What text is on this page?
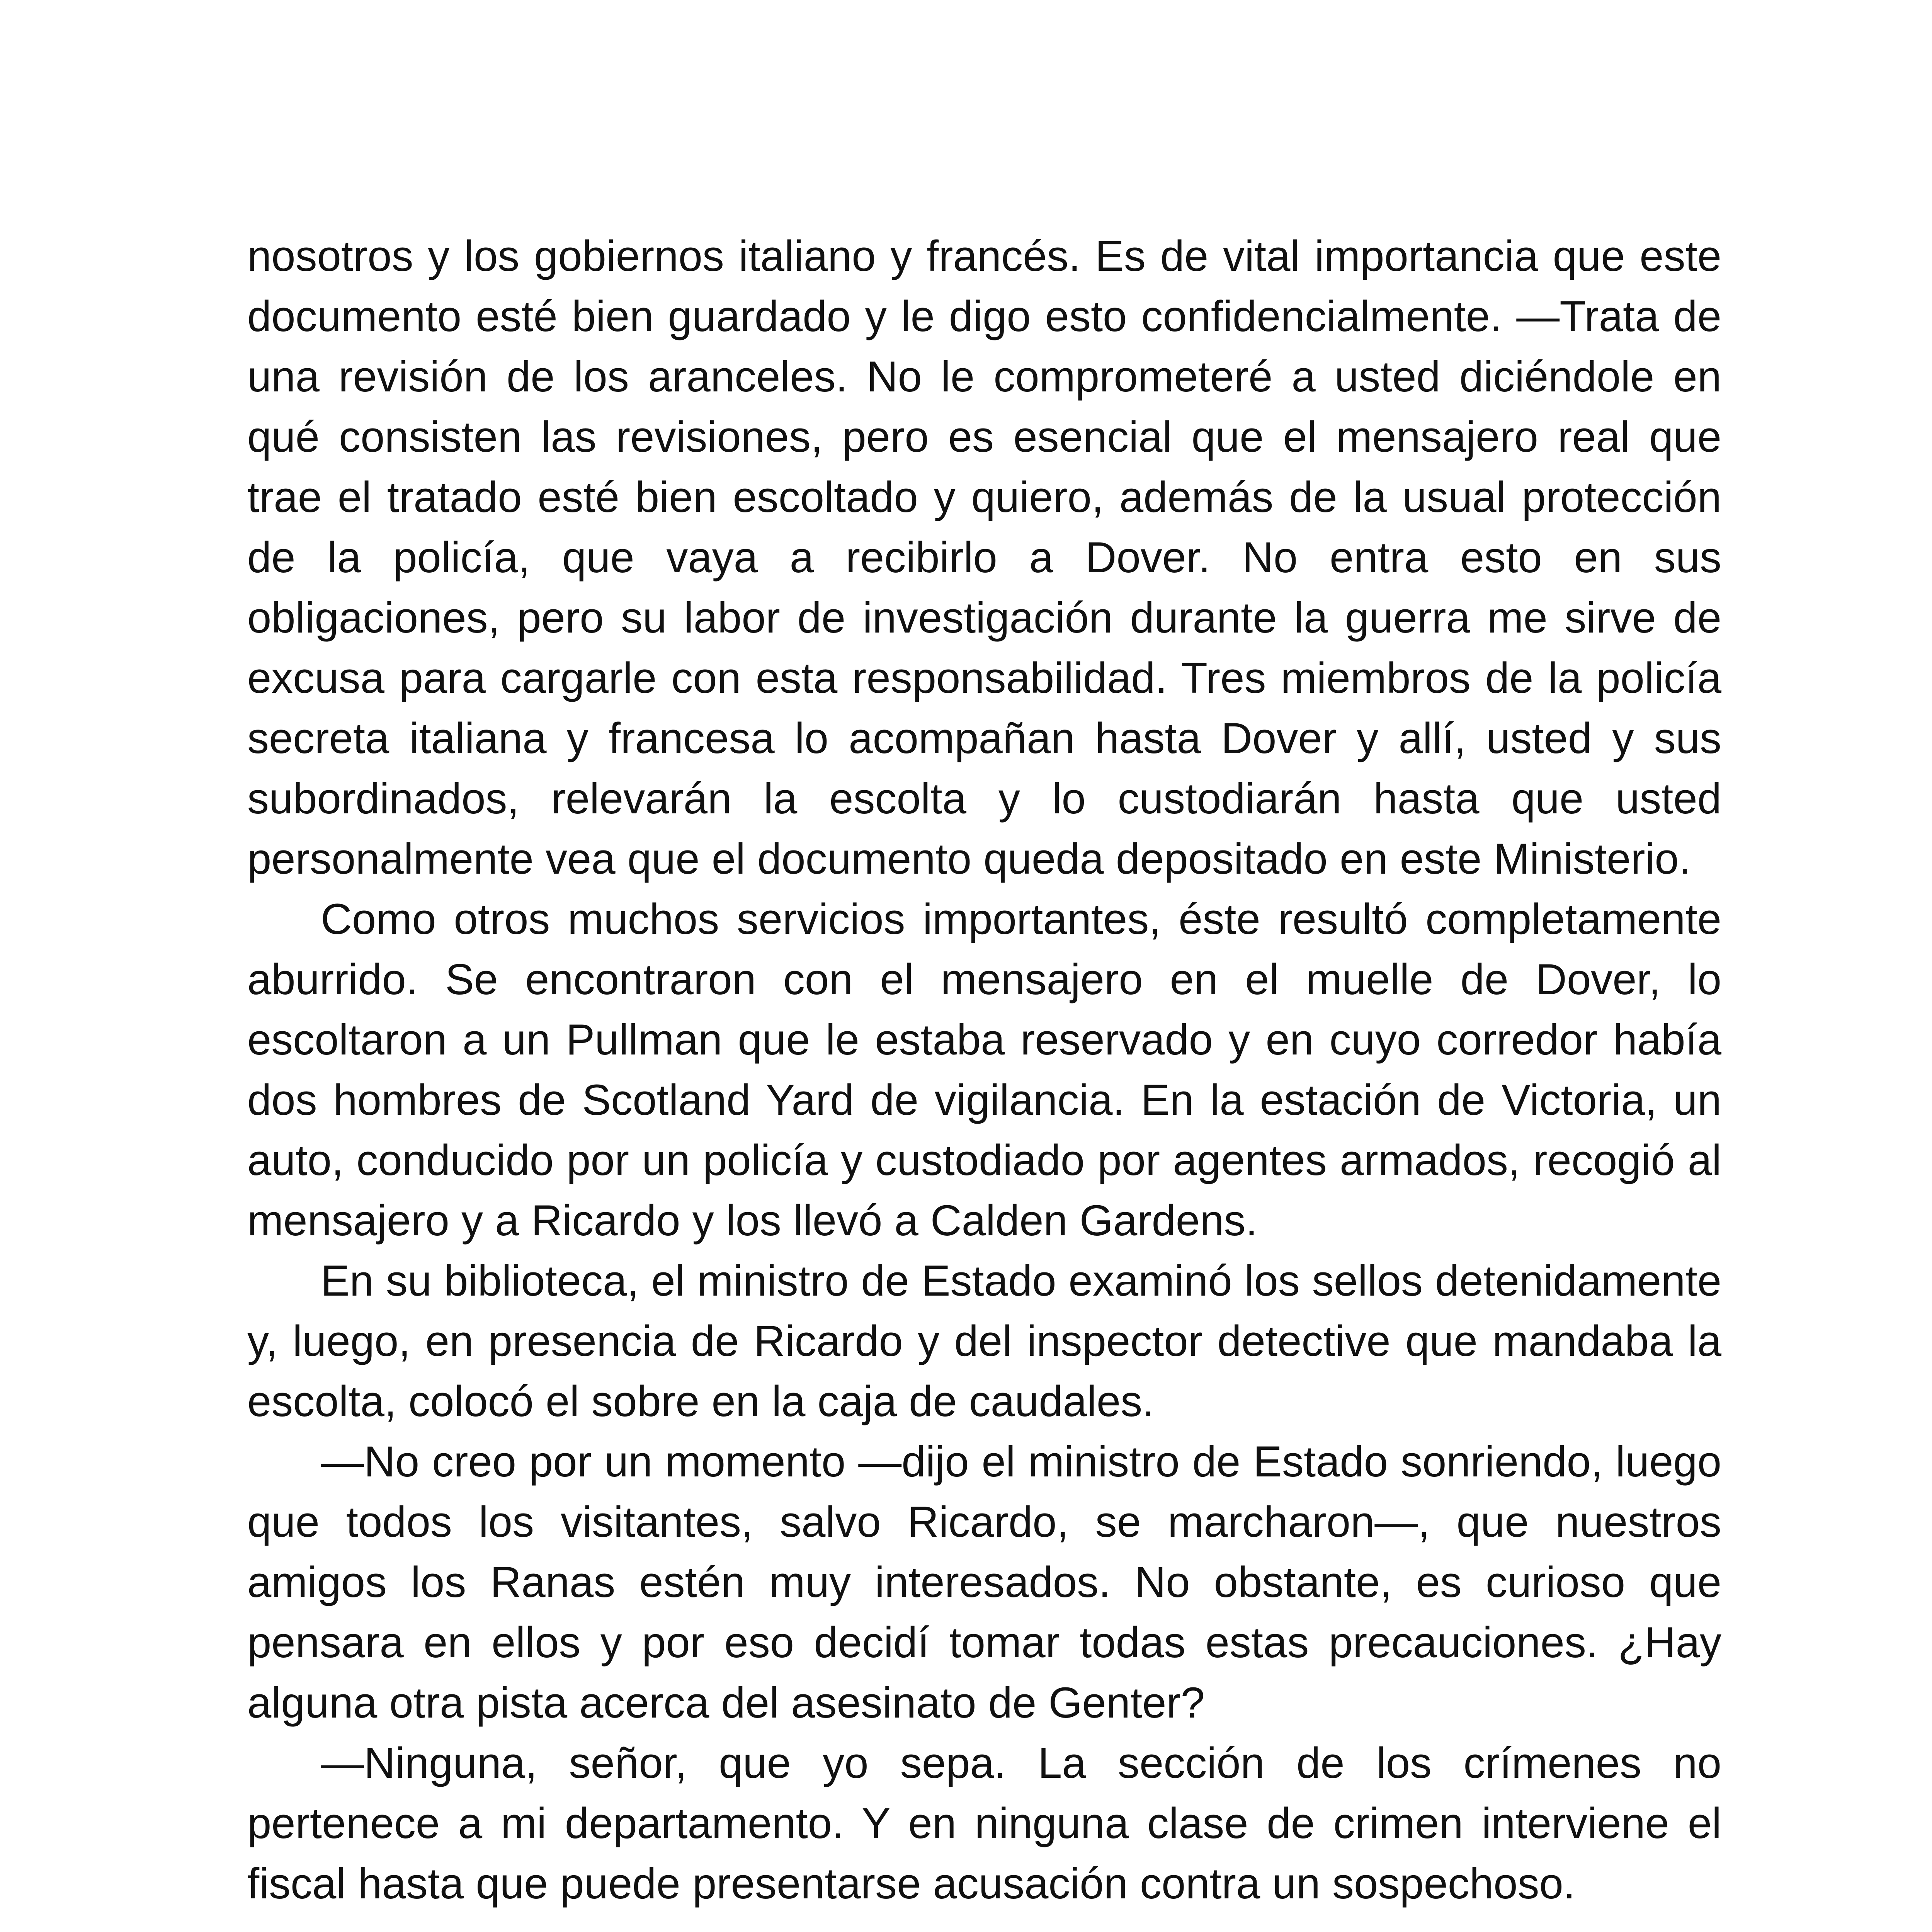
nosotros y los gobiernos italiano y francés. Es de vital importancia que este documento esté bien guardado y le digo esto confidencialmente. —Trata de una revisión de los aranceles. No le comprometeré a usted diciéndole en qué consisten las revisiones, pero es esencial que el mensajero real que trae el tratado esté bien escoltado y quiero, además de la usual protección de la policía, que vaya a recibirlo a Dover. No entra esto en sus obligaciones, pero su labor de investigación durante la guerra me sirve de excusa para cargarle con esta responsabilidad. Tres miembros de la policía secreta italiana y francesa lo acompañan hasta Dover y allí, usted y sus subordinados, relevarán la escolta y lo custodiarán hasta que usted personalmente vea que el documento queda depositado en este Ministerio.

Como otros muchos servicios importantes, éste resultó completamente aburrido. Se encontraron con el mensajero en el muelle de Dover, lo escoltaron a un Pullman que le estaba reservado y en cuyo corredor había dos hombres de Scotland Yard de vigilancia. En la estación de Victoria, un auto, conducido por un policía y custodiado por agentes armados, recogió al mensajero y a Ricardo y los llevó a Calden Gardens.

En su biblioteca, el ministro de Estado examinó los sellos detenidamente y, luego, en presencia de Ricardo y del inspector detective que mandaba la escolta, colocó el sobre en la caja de caudales.

—No creo por un momento —dijo el ministro de Estado sonriendo, luego que todos los visitantes, salvo Ricardo, se marcharon—, que nuestros amigos los Ranas estén muy interesados. No obstante, es curioso que pensara en ellos y por eso decidí tomar todas estas precauciones. ¿Hay alguna otra pista acerca del asesinato de Genter?

—Ninguna, señor, que yo sepa. La sección de los crímenes no pertenece a mi departamento. Y en ninguna clase de crimen interviene el fiscal hasta que puede presentarse acusación contra un sospechoso.
